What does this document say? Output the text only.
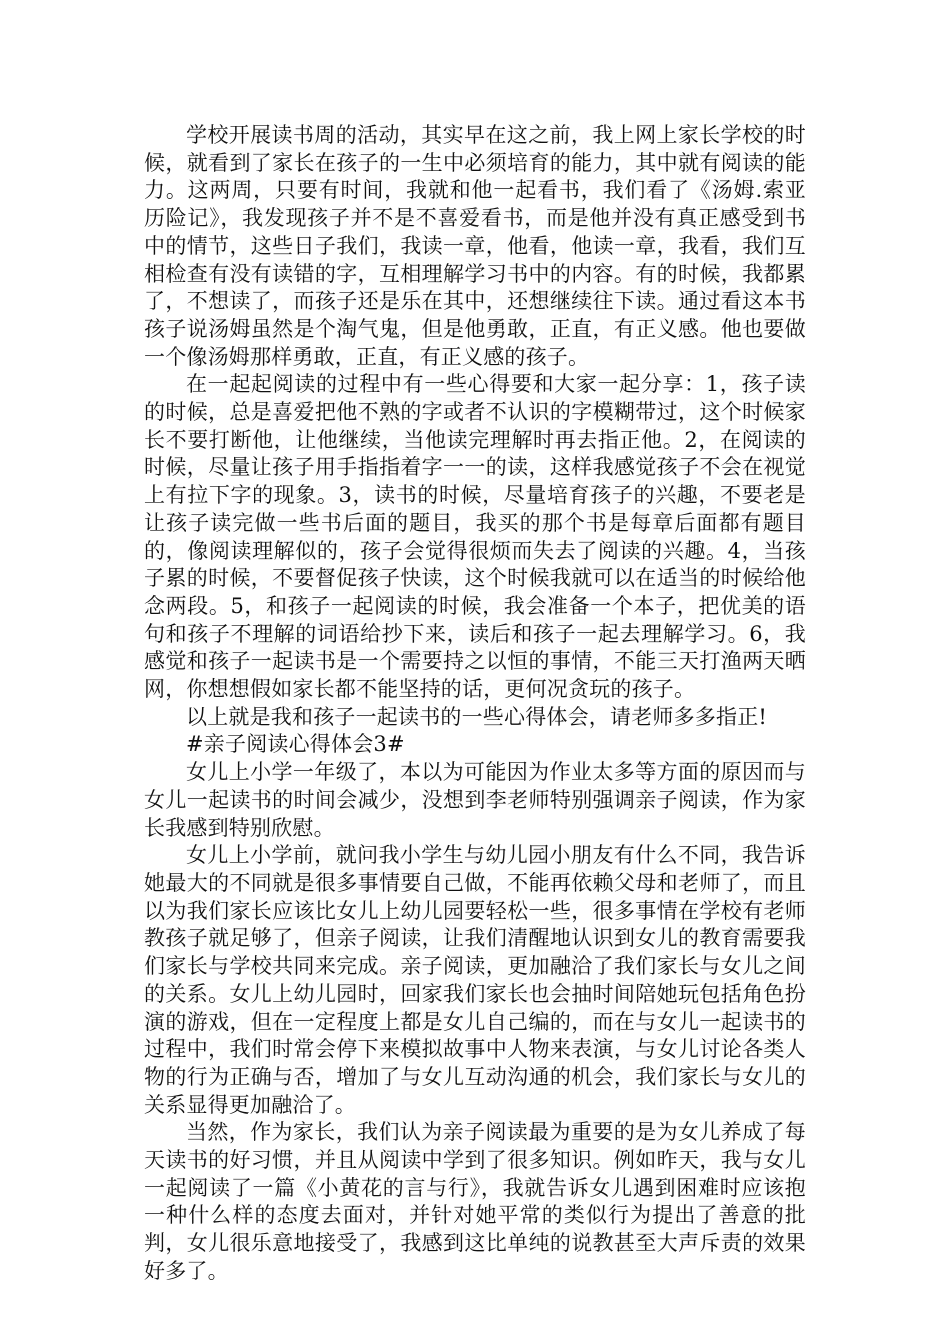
学校开展读书周的活动，其实早在这之前，我上网上家长学校的时候，就看到了家长在孩子的一生中必须培育的能力，其中就有阅读的能力。这两周，只要有时间，我就和他一起看书，我们看了《汤姆.索亚历险记》，我发现孩子并不是不喜爱看书，而是他并没有真正感受到书中的情节，这些日子我们，我读一章，他看，他读一章，我看，我们互相检查有没有读错的字，互相理解学习书中的内容。有的时候，我都累了，不想读了，而孩子还是乐在其中，还想继续往下读。通过看这本书孩子说汤姆虽然是个淘气鬼，但是他勇敢，正直，有正义感。他也要做一个像汤姆那样勇敢，正直，有正义感的孩子。

在一起起阅读的过程中有一些心得要和大家一起分享：1，孩子读的时候，总是喜爱把他不熟的字或者不认识的字模糊带过，这个时候家长不要打断他，让他继续，当他读完理解时再去指正他。2，在阅读的时候，尽量让孩子用手指指着字一一的读，这样我感觉孩子不会在视觉上有拉下字的现象。3，读书的时候，尽量培育孩子的兴趣，不要老是让孩子读完做一些书后面的题目，我买的那个书是每章后面都有题目的，像阅读理解似的，孩子会觉得很烦而失去了阅读的兴趣。4，当孩子累的时候，不要督促孩子快读，这个时候我就可以在适当的时候给他念两段。5，和孩子一起阅读的时候，我会准备一个本子，把优美的语句和孩子不理解的词语给抄下来，读后和孩子一起去理解学习。6，我感觉和孩子一起读书是一个需要持之以恒的事情，不能三天打渔两天晒网，你想想假如家长都不能坚持的话，更何况贪玩的孩子。

以上就是我和孩子一起读书的一些心得体会，请老师多多指正!

#亲子阅读心得体会3#

女儿上小学一年级了，本以为可能因为作业太多等方面的原因而与女儿一起读书的时间会减少，没想到李老师特别强调亲子阅读，作为家长我感到特别欣慰。

女儿上小学前，就问我小学生与幼儿园小朋友有什么不同，我告诉她最大的不同就是很多事情要自己做，不能再依赖父母和老师了，而且以为我们家长应该比女儿上幼儿园要轻松一些，很多事情在学校有老师教孩子就足够了，但亲子阅读，让我们清醒地认识到女儿的教育需要我们家长与学校共同来完成。亲子阅读，更加融洽了我们家长与女儿之间的关系。女儿上幼儿园时，回家我们家长也会抽时间陪她玩包括角色扮演的游戏，但在一定程度上都是女儿自己编的，而在与女儿一起读书的过程中，我们时常会停下来模拟故事中人物来表演，与女儿讨论各类人物的行为正确与否，增加了与女儿互动沟通的机会，我们家长与女儿的关系显得更加融洽了。

当然，作为家长，我们认为亲子阅读最为重要的是为女儿养成了每天读书的好习惯，并且从阅读中学到了很多知识。例如昨天，我与女儿一起阅读了一篇《小黄花的言与行》，我就告诉女儿遇到困难时应该抱一种什么样的态度去面对，并针对她平常的类似行为提出了善意的批判，女儿很乐意地接受了，我感到这比单纯的说教甚至大声斥责的效果好多了。
